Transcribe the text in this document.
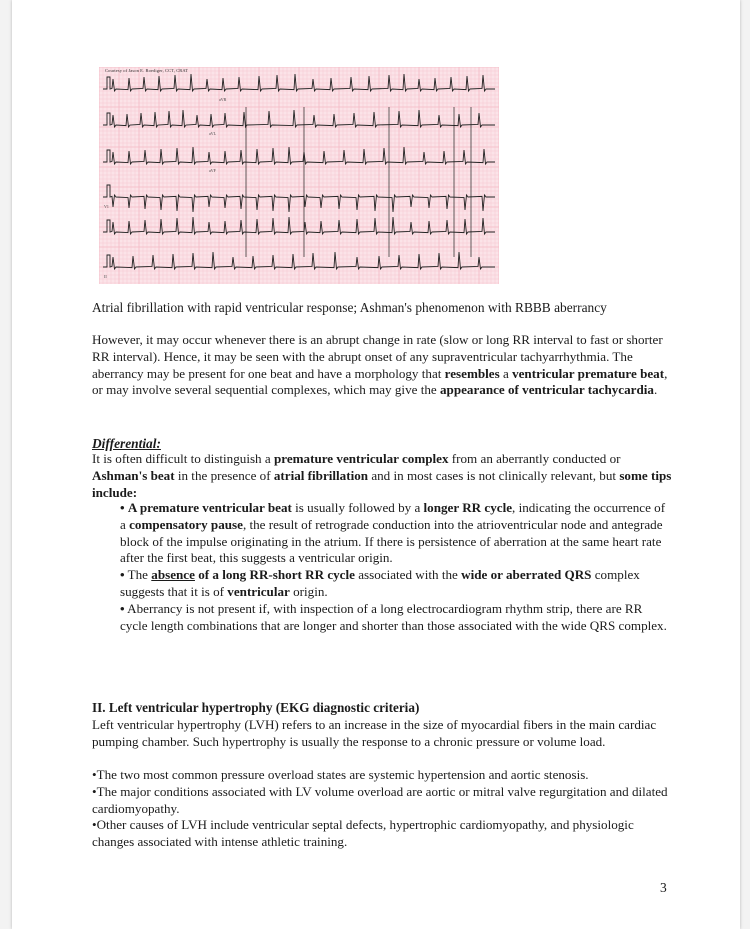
Courtesy of Jason E. Roediger, CCT, CRAT
aVR
aVL
aVF
V1
II
Atrial fibrillation with rapid ventricular response; Ashman's phenomenon with RBBB aberrancy

However, it may occur whenever there is an abrupt change in rate (slow or long RR interval to fast or shorter RR interval). Hence, it may be seen with the abrupt onset of any supraventricular tachyarrhythmia. The aberrancy may be present for one beat and have a morphology that resembles a ventricular premature beat, or may involve several sequential complexes, which may give the appearance of ventricular tachycardia.

Differential:

It is often difficult to distinguish a premature ventricular complex from an aberrantly conducted or Ashman's beat in the presence of atrial fibrillation and in most cases is not clinically relevant, but some tips include:

• A premature ventricular beat is usually followed by a longer RR cycle, indicating the occurrence of a compensatory pause, the result of retrograde conduction into the atrioventricular node and antegrade block of the impulse originating in the atrium. If there is persistence of aberration at the same heart rate after the first beat, this suggests a ventricular origin.

• The absence of a long RR-short RR cycle associated with the wide or aberrated QRS complex suggests that it is of ventricular origin.

• Aberrancy is not present if, with inspection of a long electrocardiogram rhythm strip, there are RR cycle length combinations that are longer and shorter than those associated with the wide QRS complex.

II. Left ventricular hypertrophy (EKG diagnostic criteria)

Left ventricular hypertrophy (LVH) refers to an increase in the size of myocardial fibers in the main cardiac pumping chamber. Such hypertrophy is usually the response to a chronic pressure or volume load.

•The two most common pressure overload states are systemic hypertension and aortic stenosis.

•The major conditions associated with LV volume overload are aortic or mitral valve regurgitation and dilated cardiomyopathy.

•Other causes of LVH include ventricular septal defects, hypertrophic cardiomyopathy, and physiologic changes associated with intense athletic training.

3
